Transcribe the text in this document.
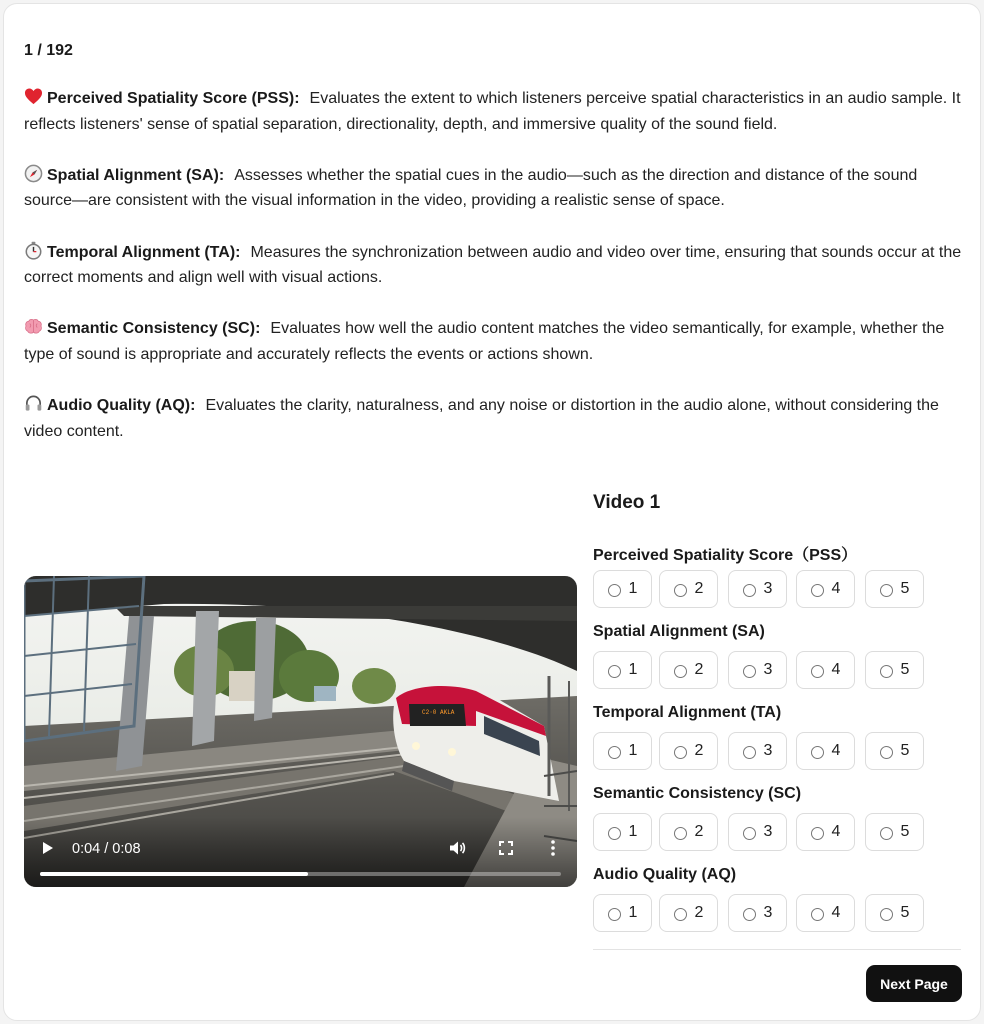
1 / 192
Perceived Spatiality Score (PSS): Evaluates the extent to which listeners perceive spatial characteristics in an audio sample. It reflects listeners' sense of spatial separation, directionality, depth, and immersive quality of the sound field.
Spatial Alignment (SA): Assesses whether the spatial cues in the audio—such as the direction and distance of the sound source—are consistent with the visual information in the video, providing a realistic sense of space.
Temporal Alignment (TA): Measures the synchronization between audio and video over time, ensuring that sounds occur at the correct moments and align well with visual actions.
Semantic Consistency (SC): Evaluates how well the audio content matches the video semantically, for example, whether the type of sound is appropriate and accurately reflects the events or actions shown.
Audio Quality (AQ): Evaluates the clarity, naturalness, and any noise or distortion in the audio alone, without considering the video content.
C2·0 AKLA
0:04 / 0:08
Video 1
Perceived Spatiality Score（PSS）
1	2	3	4	5
Spatial Alignment (SA)
1	2	3	4	5
Temporal Alignment (TA)
1	2	3	4	5
Semantic Consistency (SC)
1	2	3	4	5
Audio Quality (AQ)
1	2	3	4	5
Next Page
